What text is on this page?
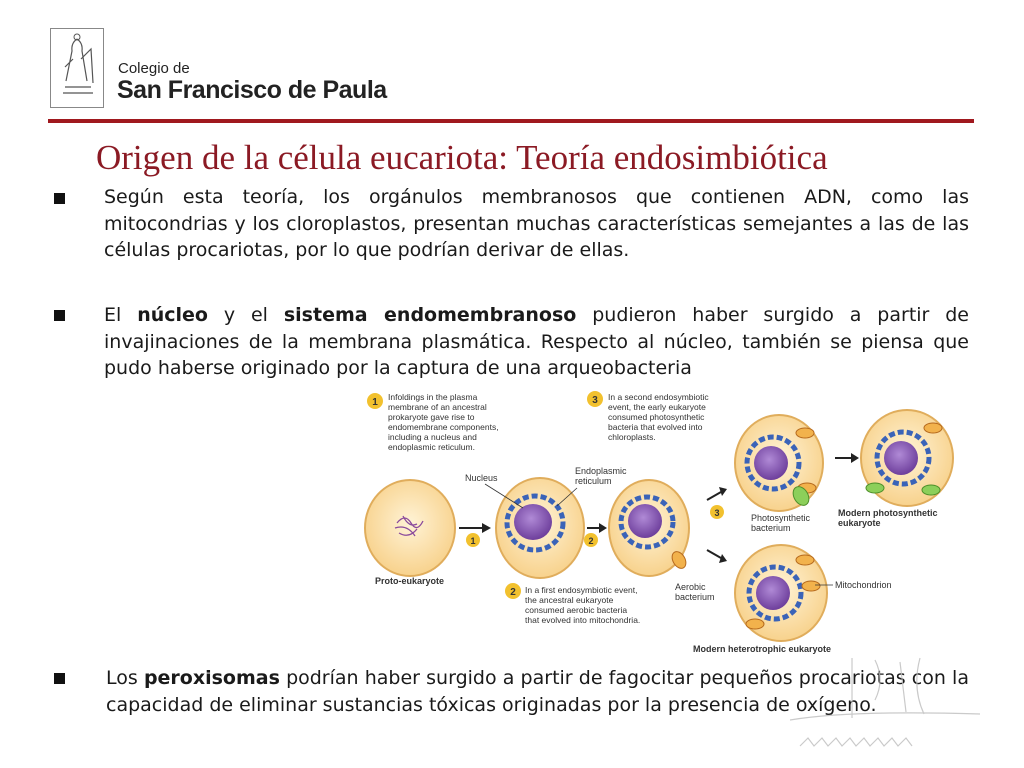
Colegio de
San Francisco de Paula
Origen de la célula eucariota: Teoría endosimbiótica
Según esta teoría, los orgánulos membranosos que contienen ADN, como las mitocondrias y los cloroplastos, presentan muchas características semejantes a las de las células procariotas, por lo que podrían derivar de ellas.
El núcleo y el sistema endomembranoso pudieron haber surgido a partir de invajinaciones de la membrana plasmática. Respecto al núcleo, también se piensa que pudo haberse originado por la captura de una arqueobacteria
Los peroxisomas podrían haber surgido a partir de fagocitar pequeños procariotas con la capacidad de eliminar sustancias tóxicas originadas por la presencia de oxígeno.
1 Infoldings in the plasma
membrane of an ancestral
prokaryote gave rise to
endomembrane components,
including a nucleus and
endoplasmic reticulum.
3 In a second endosymbiotic
event, the early eukaryote
consumed photosynthetic
bacteria that evolved into
chloroplasts.
Proto-eukaryote
1
Nucleus
Endoplasmic
reticulum
2
Aerobic
bacterium
2 In a first endosymbiotic event,
the ancestral eukaryote
consumed aerobic bacteria
that evolved into mitochondria.
3	Photosynthetic
bacterium
Modern photosynthetic
eukaryote
Mitochondrion
Modern heterotrophic eukaryote
